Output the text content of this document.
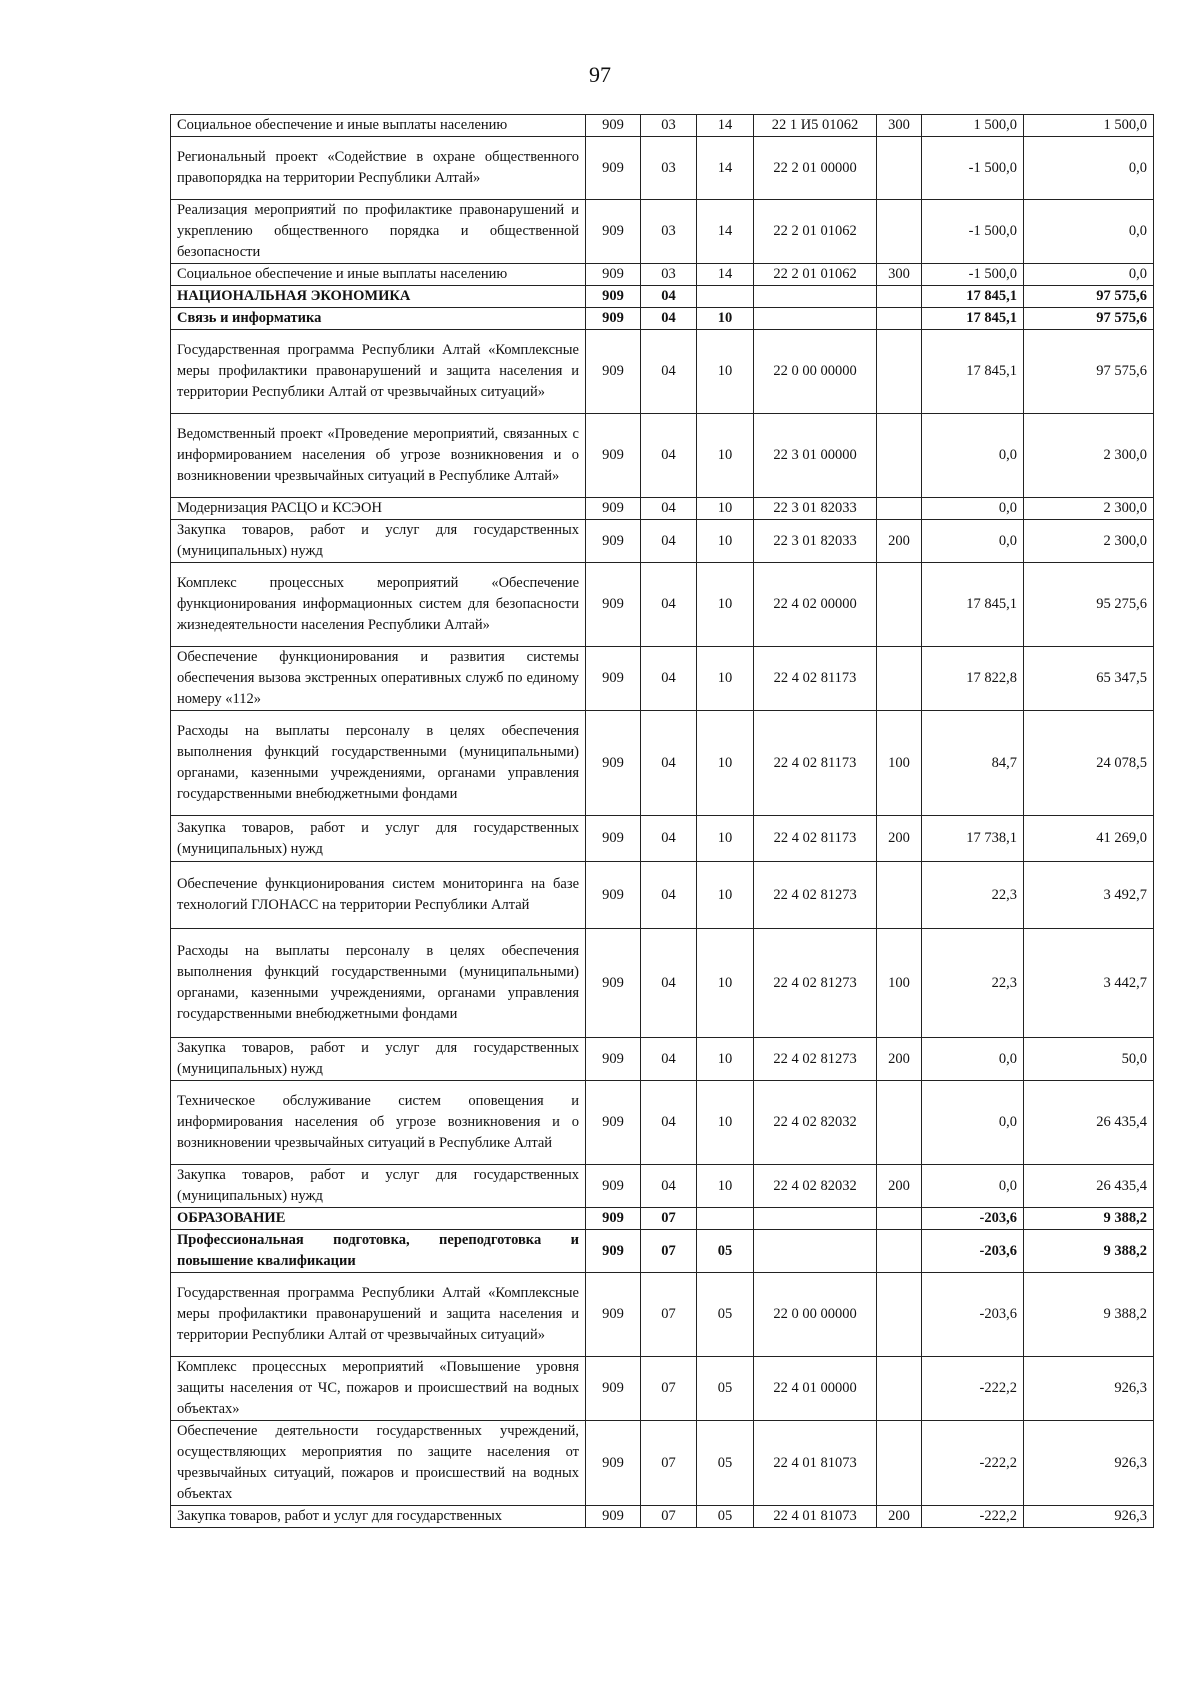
97
Социальное обеспечение и иные выплаты населению	909	03	14	22 1 И5 01062	300	1 500,0	1 500,0
Региональный проект «Содействие в охране общественного правопорядка на территории Республики Алтай»	909	03	14	22 2 01 00000		-1 500,0	0,0
Реализация мероприятий по профилактике правонарушений и укреплению общественного порядка и общественной безопасности	909	03	14	22 2 01 01062		-1 500,0	0,0
Социальное обеспечение и иные выплаты населению	909	03	14	22 2 01 01062	300	-1 500,0	0,0
НАЦИОНАЛЬНАЯ ЭКОНОМИКА	909	04				17 845,1	97 575,6
Связь и информатика	909	04	10			17 845,1	97 575,6
Государственная программа Республики Алтай «Комплексные меры профилактики правонарушений и защита населения и территории Республики Алтай от чрезвычайных ситуаций»	909	04	10	22 0 00 00000		17 845,1	97 575,6
Ведомственный проект «Проведение мероприятий, связанных с информированием населения об угрозе возникновения и о возникновении чрезвычайных ситуаций в Республике Алтай»	909	04	10	22 3 01 00000		0,0	2 300,0
Модернизация РАСЦО и КСЭОН	909	04	10	22 3 01 82033		0,0	2 300,0
Закупка товаров, работ и услуг для государственных (муниципальных) нужд	909	04	10	22 3 01 82033	200	0,0	2 300,0
Комплекс процессных мероприятий «Обеспечение функционирования информационных систем для безопасности жизнедеятельности населения Республики Алтай»	909	04	10	22 4 02 00000		17 845,1	95 275,6
Обеспечение функционирования и развития системы обеспечения вызова экстренных оперативных служб по единому номеру «112»	909	04	10	22 4 02 81173		17 822,8	65 347,5
Расходы на выплаты персоналу в целях обеспечения выполнения функций государственными (муниципальными) органами, казенными учреждениями, органами управления государственными внебюджетными фондами	909	04	10	22 4 02 81173	100	84,7	24 078,5
Закупка товаров, работ и услуг для государственных (муниципальных) нужд	909	04	10	22 4 02 81173	200	17 738,1	41 269,0
Обеспечение функционирования систем мониторинга на базе технологий ГЛОНАСС на территории Республики Алтай	909	04	10	22 4 02 81273		22,3	3 492,7
Расходы на выплаты персоналу в целях обеспечения выполнения функций государственными (муниципальными) органами, казенными учреждениями, органами управления государственными внебюджетными фондами	909	04	10	22 4 02 81273	100	22,3	3 442,7
Закупка товаров, работ и услуг для государственных (муниципальных) нужд	909	04	10	22 4 02 81273	200	0,0	50,0
Техническое обслуживание систем оповещения и информирования населения об угрозе возникновения и о возникновении чрезвычайных ситуаций в Республике Алтай	909	04	10	22 4 02 82032		0,0	26 435,4
Закупка товаров, работ и услуг для государственных (муниципальных) нужд	909	04	10	22 4 02 82032	200	0,0	26 435,4
ОБРАЗОВАНИЕ	909	07				-203,6	9 388,2
Профессиональная подготовка, переподготовка и повышение квалификации	909	07	05			-203,6	9 388,2
Государственная программа Республики Алтай «Комплексные меры профилактики правонарушений и защита населения и территории Республики Алтай от чрезвычайных ситуаций»	909	07	05	22 0 00 00000		-203,6	9 388,2
Комплекс процессных мероприятий «Повышение уровня защиты населения от ЧС, пожаров и происшествий на водных объектах»	909	07	05	22 4 01 00000		-222,2	926,3
Обеспечение деятельности государственных учреждений, осуществляющих мероприятия по защите населения от чрезвычайных ситуаций, пожаров и происшествий на водных объектах	909	07	05	22 4 01 81073		-222,2	926,3
Закупка товаров, работ и услуг для государственных	909	07	05	22 4 01 81073	200	-222,2	926,3
